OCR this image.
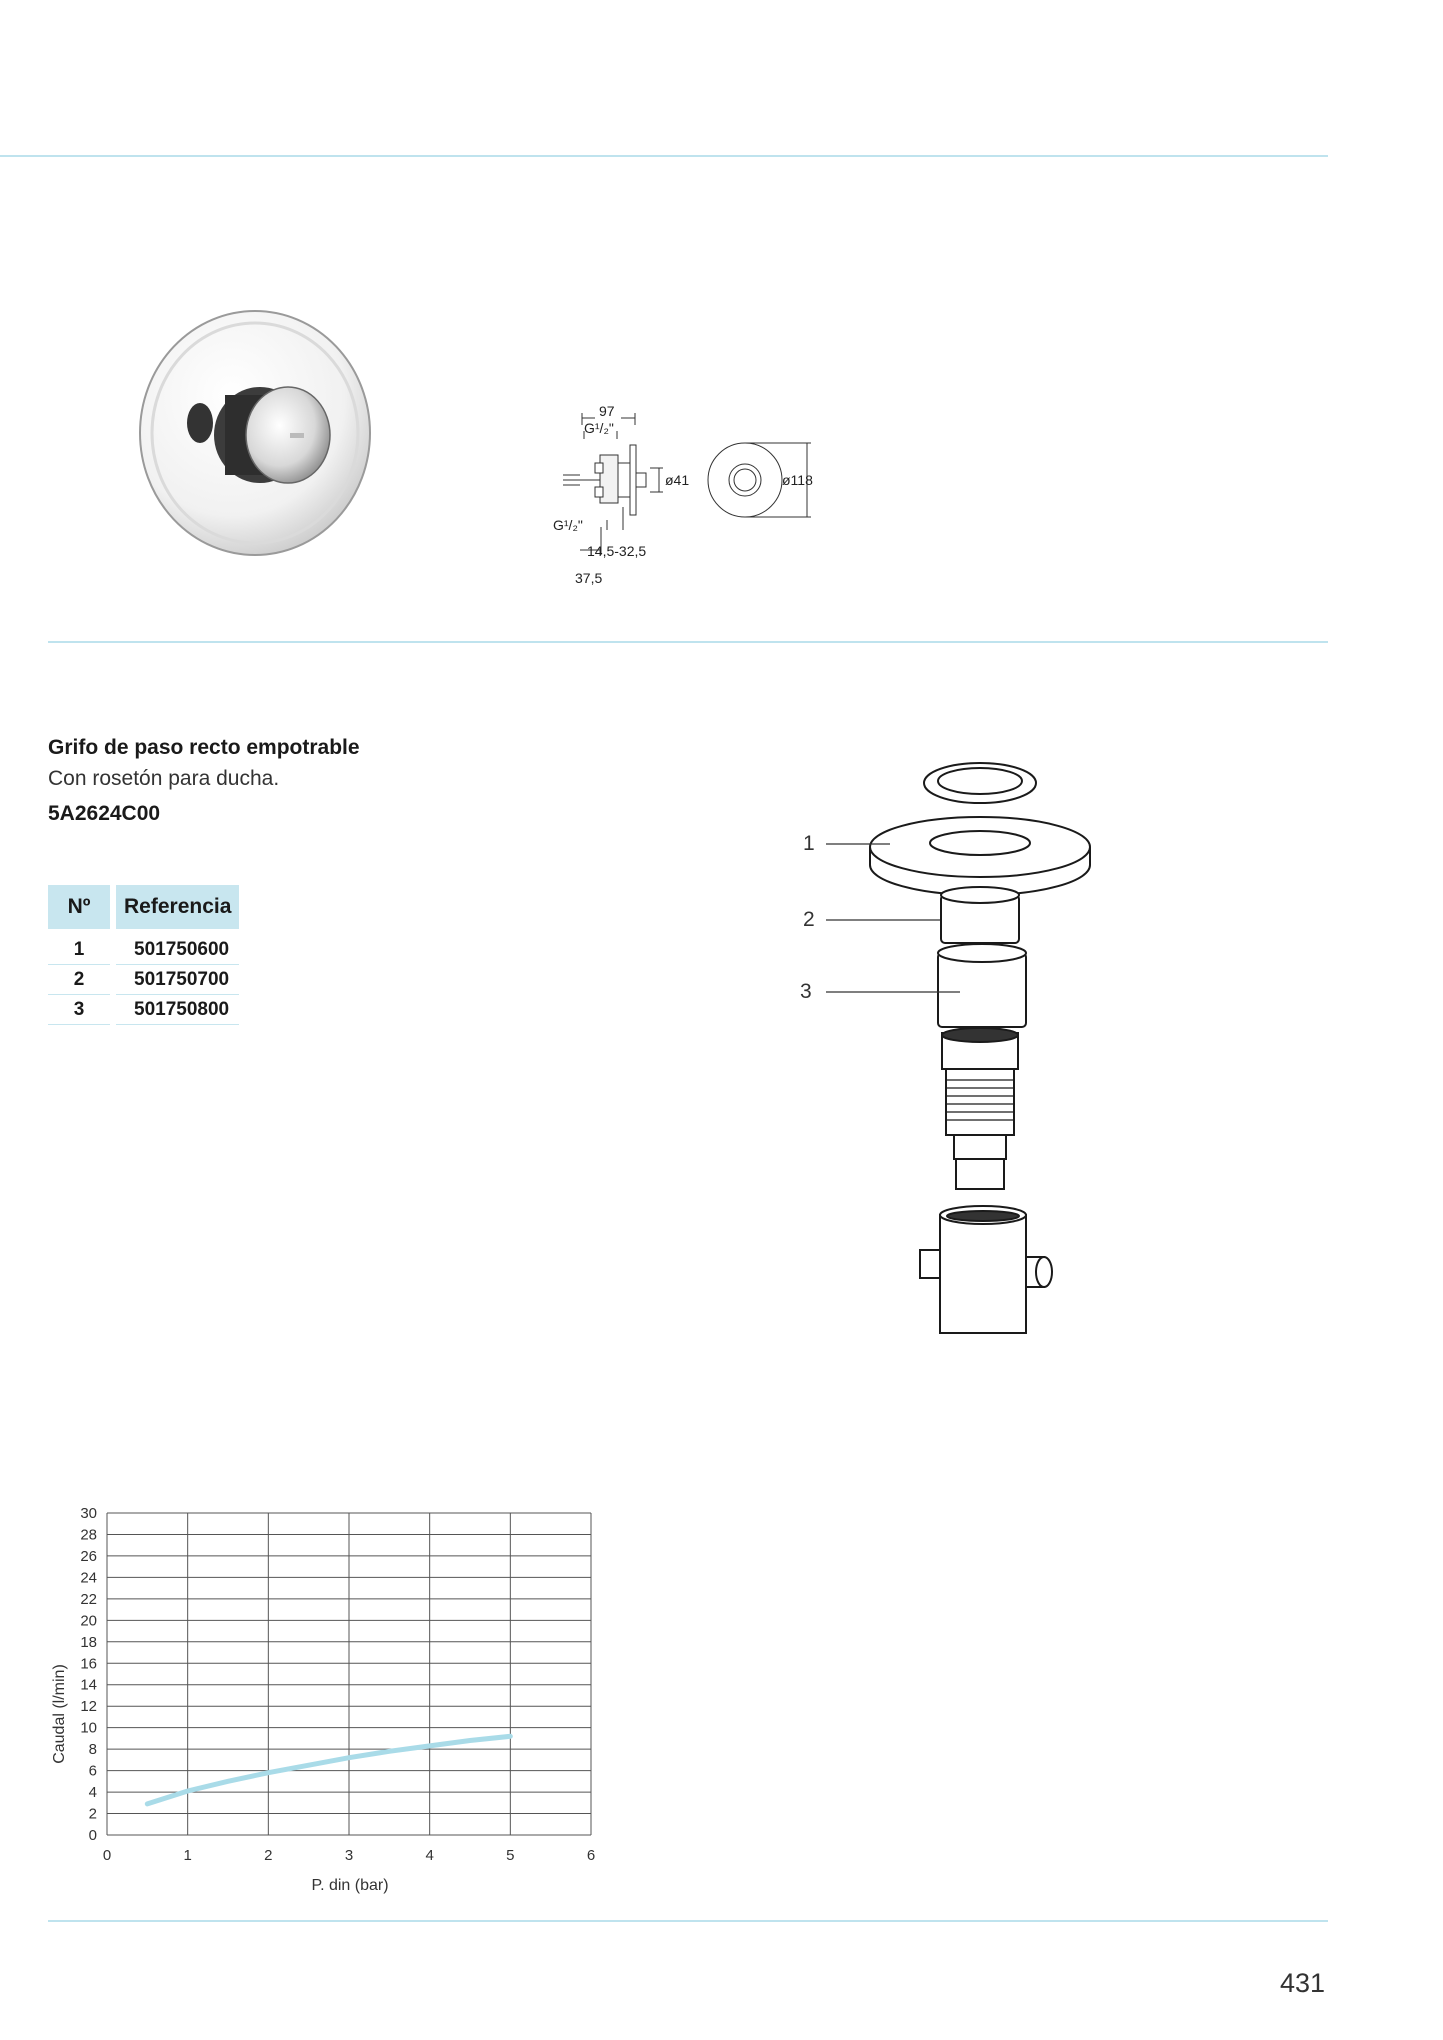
97
G¹/₂"
ø41	ø118
G¹/₂"
14,5-32,5
37,5
Grifo de paso recto empotrable
Con rosetón para ducha.
5A2624C00
Nº	Referencia
1	501750600
2	501750700
3	501750800
1
2
3
0	1	2	3	4	5	6
0
2
4
6
8
10
12
14
16
18
20
22
24
26
28
30
P. din (bar)
Caudal (l/min)
431
